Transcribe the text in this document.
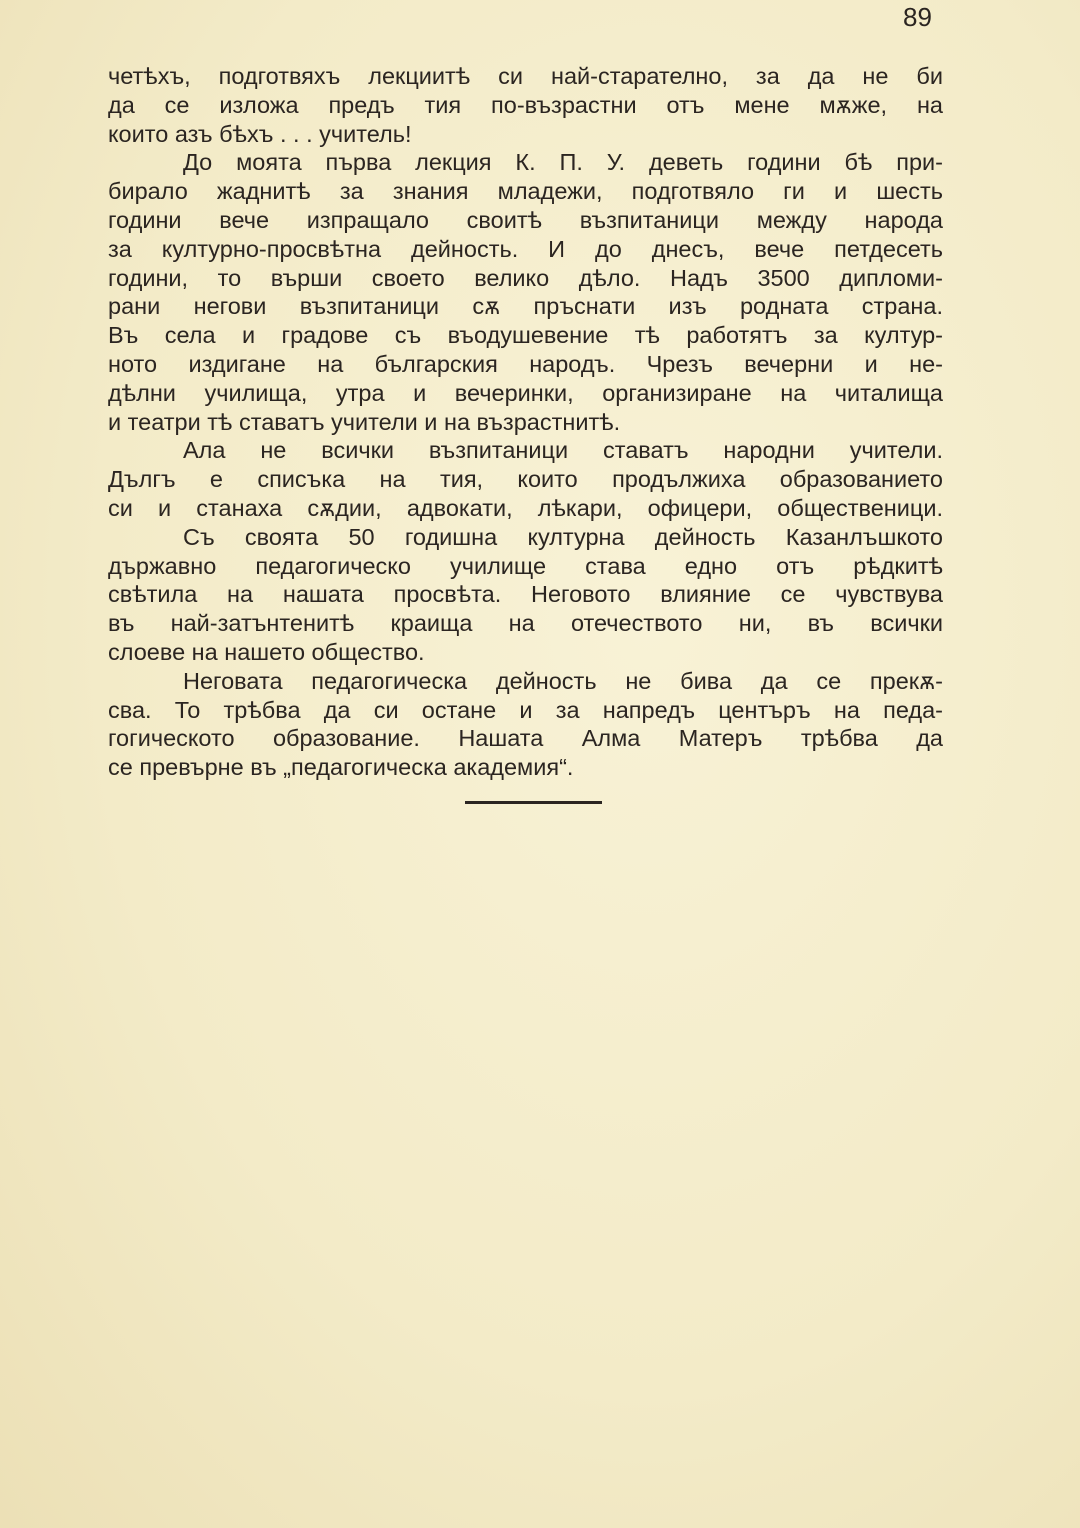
89
четѣхъ, подготвяхъ лекциитѣ си най-старателно, за да не би
да се изложа предъ тия по-възрастни отъ мене мѫже, на
които азъ бѣхъ . . . учитель!
До моята първа лекция К. П. У. деветь години бѣ при-
бирало жаднитѣ за знания младежи, подготвяло ги и шесть
години вече изпращало своитѣ възпитаници между народа
за културно-просвѣтна дейность. И до днесъ, вече петдесеть
години, то върши своето велико дѣло. Надъ 3500 дипломи-
рани негови възпитаници сѫ пръснати изъ родната страна.
Въ села и градове съ въодушевение тѣ работятъ за култур-
ното издигане на българския народъ. Чрезъ вечерни и не-
дѣлни училища, утра и вечеринки, организиране на читалища
и театри тѣ ставатъ учители и на възрастнитѣ.
Ала не всички възпитаници ставатъ народни учители.
Дългъ е списъка на тия, които продължиха образованието
си и станаха сѫдии, адвокати, лѣкари, офицери, общественици.
Съ своята 50 годишна културна дейность Казанлъшкото
държавно педагогическо училище става едно отъ рѣдкитѣ
свѣтила на нашата просвѣта. Неговото влияние се чувствува
въ най-затънтенитѣ краища на отечеството ни, въ всички
слоеве на нашето общество.
Неговата педагогическа дейность не бива да се прекѫ-
сва. То трѣбва да си остане и за напредъ центъръ на педа-
гогическото образование. Нашата Алма Матеръ трѣбва да
се превърне въ „педагогическа академия“.
